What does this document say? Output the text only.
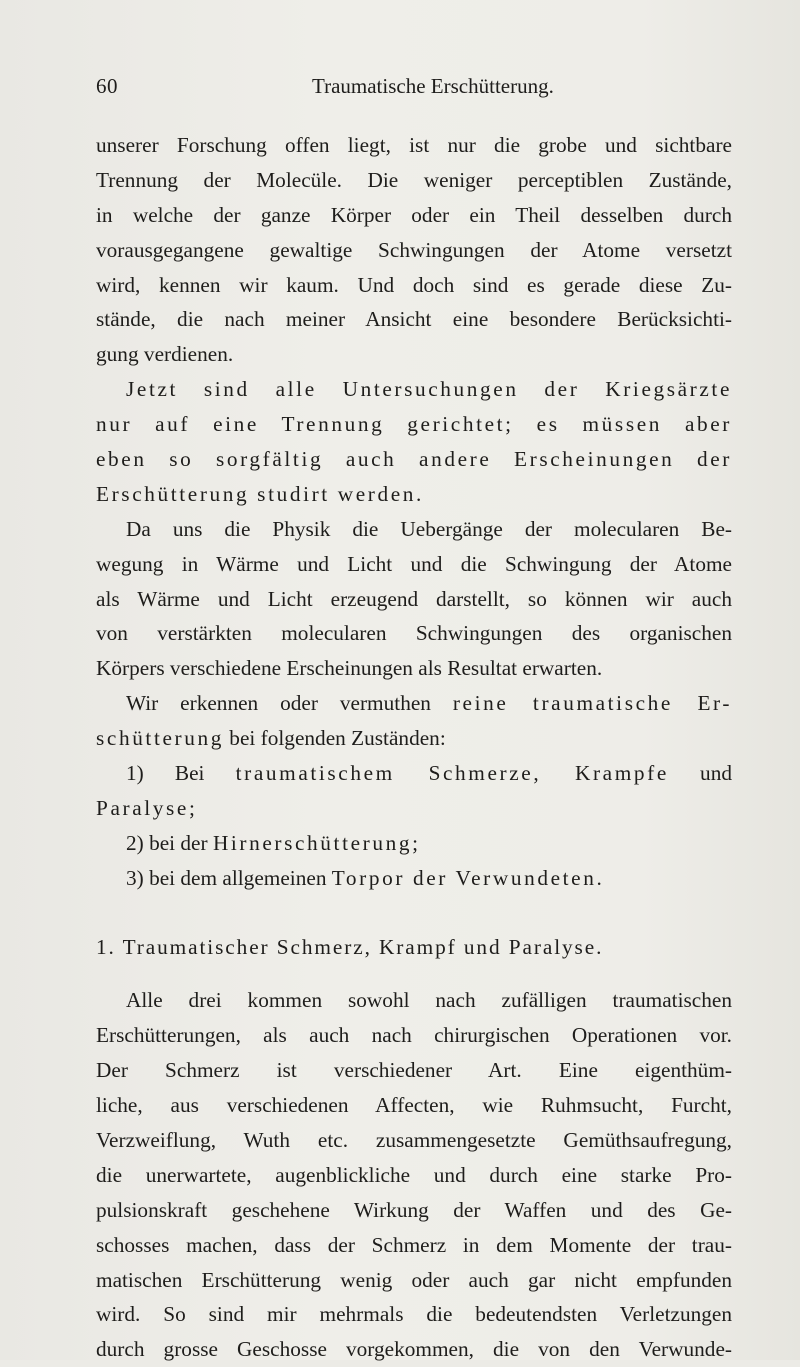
60	Traumatische Erschütterung.
unserer Forschung offen liegt, ist nur die grobe und sichtbare
Trennung der Molecüle. Die weniger perceptiblen Zustände,
in welche der ganze Körper oder ein Theil desselben durch
vorausgegangene gewaltige Schwingungen der Atome versetzt
wird, kennen wir kaum. Und doch sind es gerade diese Zu-
stände, die nach meiner Ansicht eine besondere Berücksichti-
gung verdienen.
Jetzt sind alle Untersuchungen der Kriegsärzte
nur auf eine Trennung gerichtet; es müssen aber
eben so sorgfältig auch andere Erscheinungen der
Erschütterung studirt werden.
Da uns die Physik die Uebergänge der molecularen Be-
wegung in Wärme und Licht und die Schwingung der Atome
als Wärme und Licht erzeugend darstellt, so können wir auch
von verstärkten molecularen Schwingungen des organischen
Körpers verschiedene Erscheinungen als Resultat erwarten.
Wir erkennen oder vermuthen reine traumatische Er-
schütterung bei folgenden Zuständen:
1) Bei traumatischem Schmerze, Krampfe und
Paralyse;
2) bei der Hirnerschütterung;
3) bei dem allgemeinen Torpor der Verwundeten.
1. Traumatischer Schmerz, Krampf und Paralyse.
Alle drei kommen sowohl nach zufälligen traumatischen
Erschütterungen, als auch nach chirurgischen Operationen vor.
Der Schmerz ist verschiedener Art. Eine eigenthüm-
liche, aus verschiedenen Affecten, wie Ruhmsucht, Furcht,
Verzweiflung, Wuth etc. zusammengesetzte Gemüthsaufregung,
die unerwartete, augenblickliche und durch eine starke Pro-
pulsionskraft geschehene Wirkung der Waffen und des Ge-
schosses machen, dass der Schmerz in dem Momente der trau-
matischen Erschütterung wenig oder auch gar nicht empfunden
wird. So sind mir mehrmals die bedeutendsten Verletzungen
durch grosse Geschosse vorgekommen, die von den Verwunde-
